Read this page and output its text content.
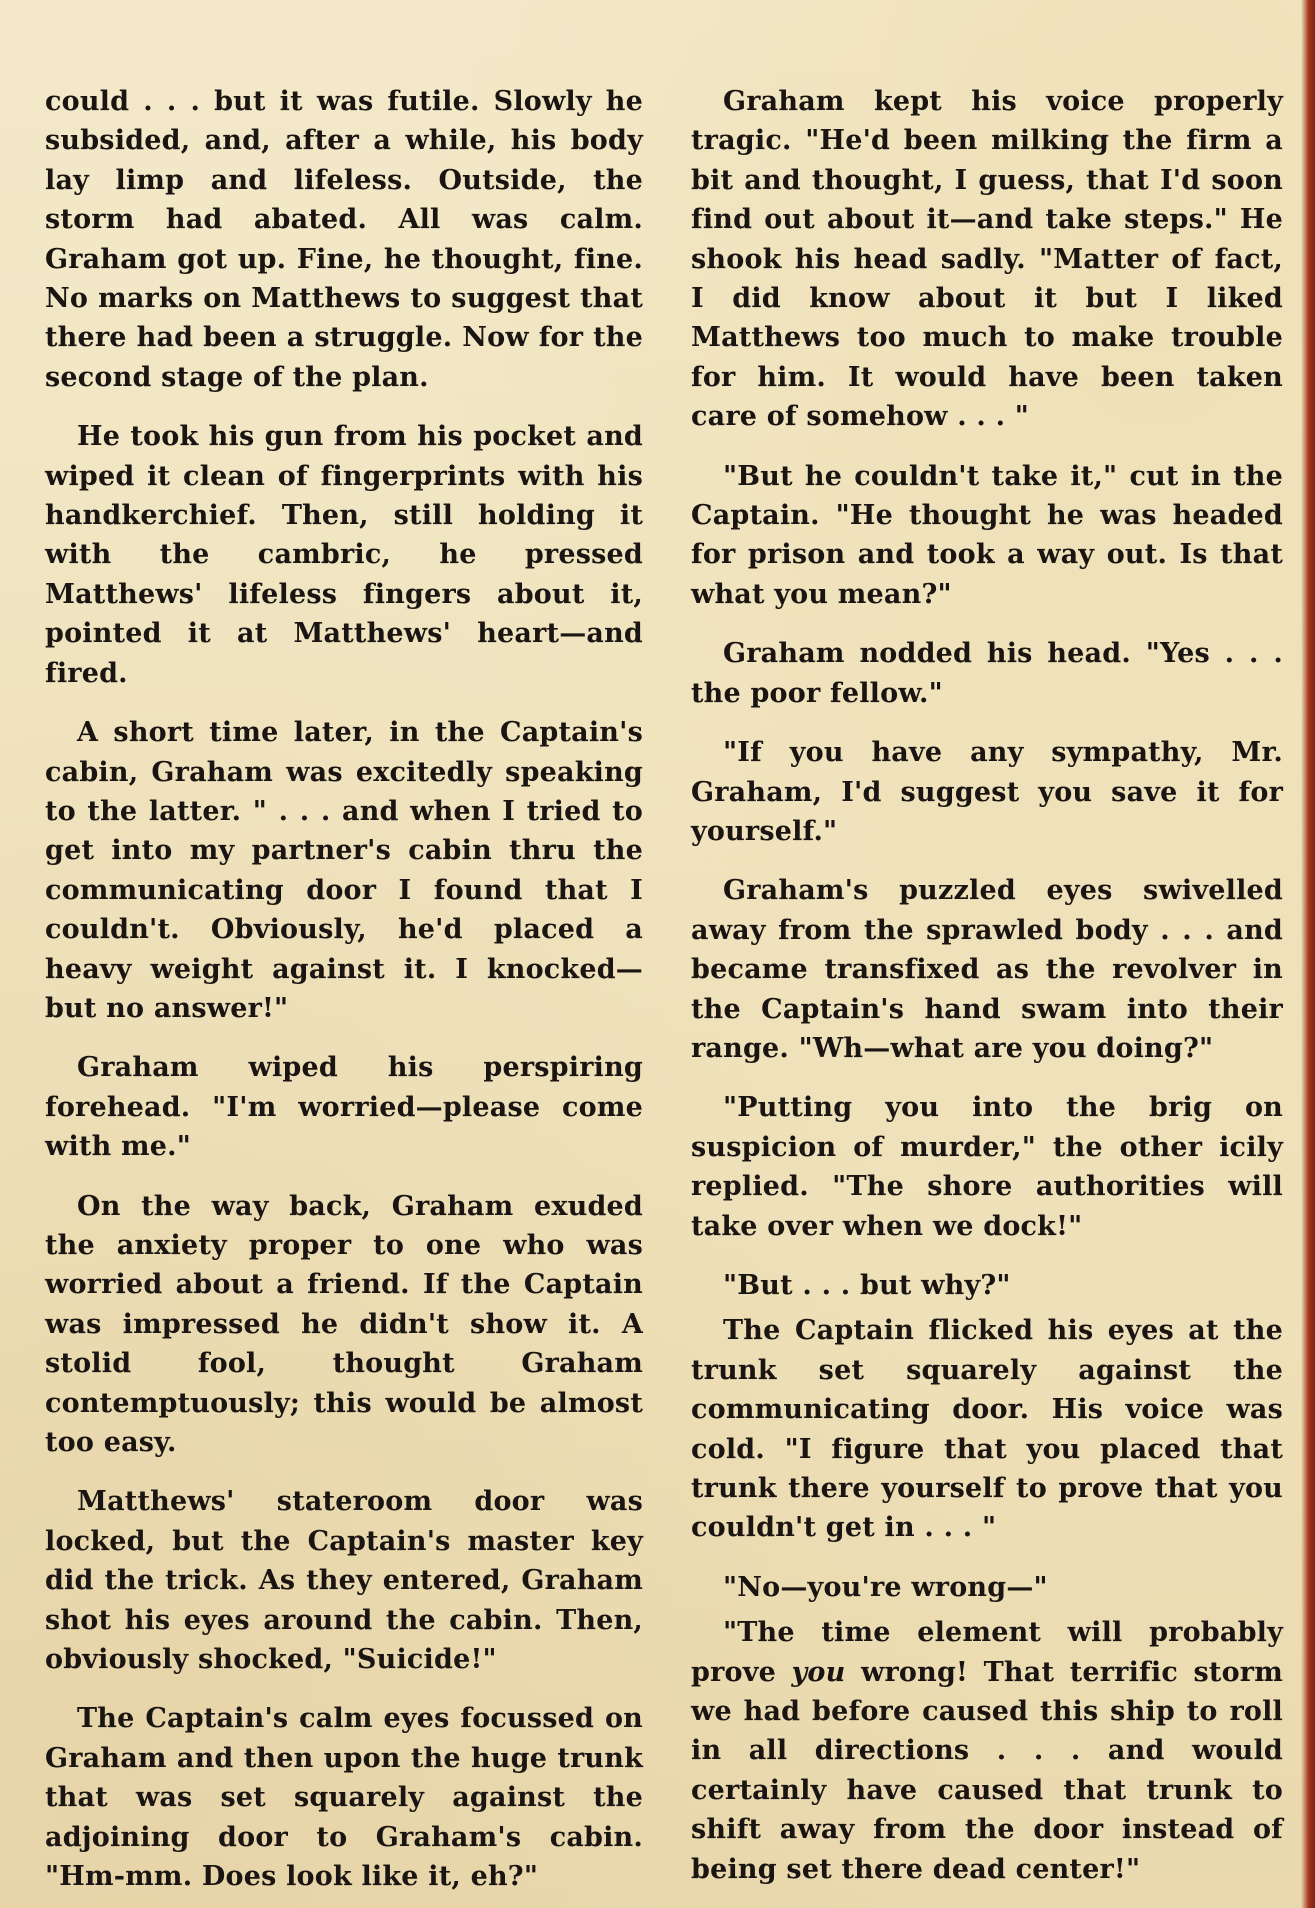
could . . . but it was futile. Slowly he subsided, and, after a while, his body lay limp and lifeless. Outside, the storm had abated. All was calm. Graham got up. Fine, he thought, fine. No marks on Matthews to suggest that there had been a struggle. Now for the second stage of the plan.

He took his gun from his pocket and wiped it clean of fingerprints with his handkerchief. Then, still holding it with the cambric, he pressed Matthews' lifeless fingers about it, pointed it at Matthews' heart—and fired.

A short time later, in the Captain's cabin, Graham was excitedly speaking to the latter. " . . . and when I tried to get into my partner's cabin thru the communicating door I found that I couldn't. Obviously, he'd placed a heavy weight against it. I knocked—but no answer!"

Graham wiped his perspiring forehead. "I'm worried—please come with me."

On the way back, Graham exuded the anxiety proper to one who was worried about a friend. If the Captain was impressed he didn't show it. A stolid fool, thought Graham contemptuously; this would be almost too easy.

Matthews' stateroom door was locked, but the Captain's master key did the trick. As they entered, Graham shot his eyes around the cabin. Then, obviously shocked, "Suicide!"

The Captain's calm eyes focussed on Graham and then upon the huge trunk that was set squarely against the adjoining door to Graham's cabin. "Hm-mm. Does look like it, eh?"

Graham kept his voice properly tragic. "He'd been milking the firm a bit and thought, I guess, that I'd soon find out about it—and take steps." He shook his head sadly. "Matter of fact, I did know about it but I liked Matthews too much to make trouble for him. It would have been taken care of somehow . . . "

"But he couldn't take it," cut in the Captain. "He thought he was headed for prison and took a way out. Is that what you mean?"

Graham nodded his head. "Yes . . . the poor fellow."

"If you have any sympathy, Mr. Graham, I'd suggest you save it for yourself."

Graham's puzzled eyes swivelled away from the sprawled body . . . and became transfixed as the revolver in the Captain's hand swam into their range. "Wh—what are you doing?"

"Putting you into the brig on suspicion of murder," the other icily replied. "The shore authorities will take over when we dock!"

"But . . . but why?"

The Captain flicked his eyes at the trunk set squarely against the communicating door. His voice was cold. "I figure that you placed that trunk there yourself to prove that you couldn't get in . . . "

"No—you're wrong—"

"The time element will probably prove you wrong! That terrific storm we had before caused this ship to roll in all directions . . . and would certainly have caused that trunk to shift away from the door instead of being set there dead center!"
